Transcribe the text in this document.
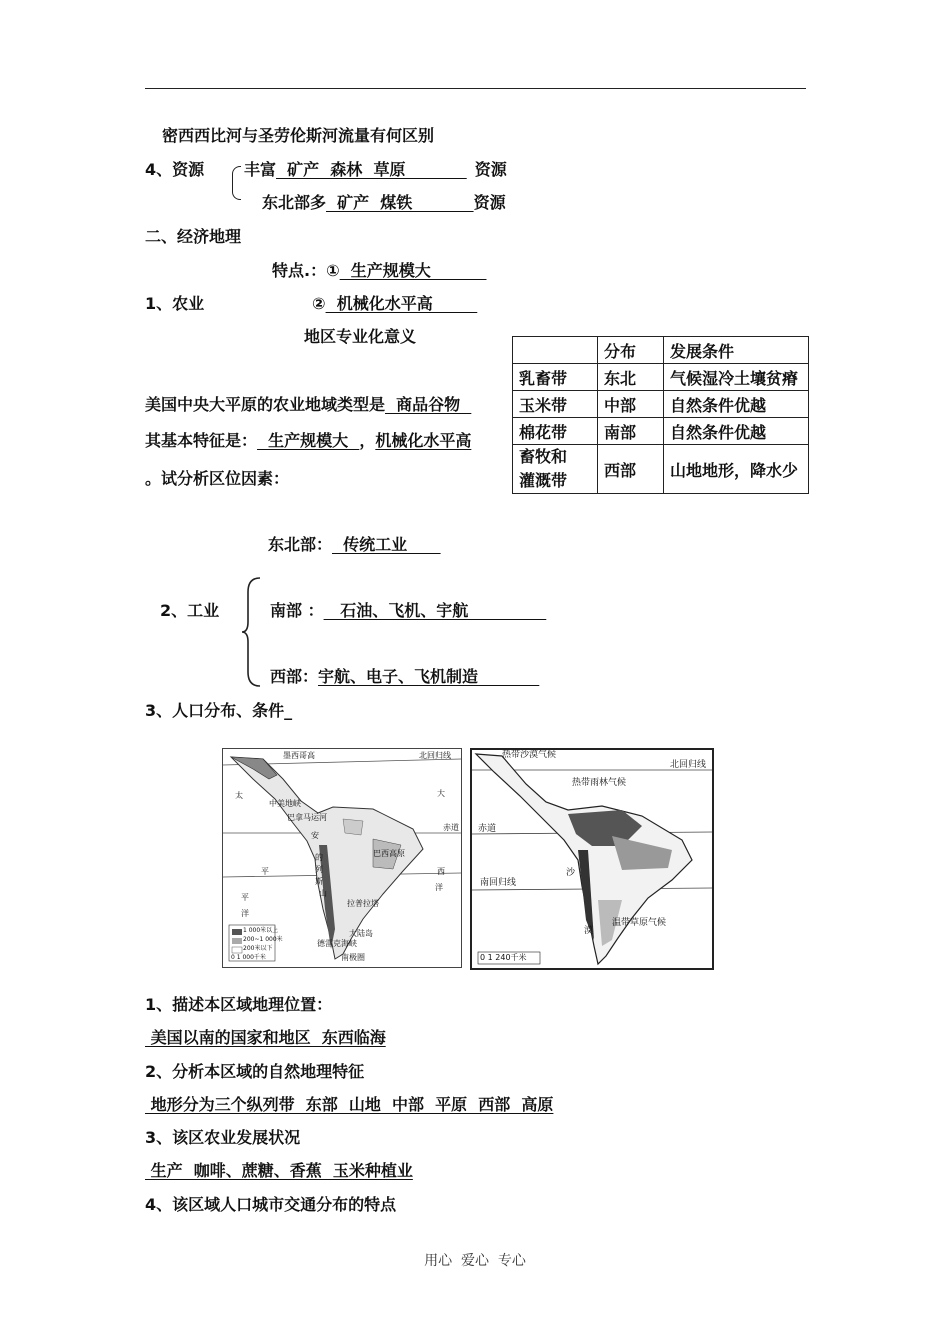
密西西比河与圣劳伦斯河流量有何区别
4、资源 丰富  矿产  森林  草原           资源
东北部多  矿产  煤铁           资源
二、经济地理
特点.：①  生产规模大
1、农业	②  机械化水平高
地区专业化意义
美国中央大平原的农业地域类型是  商品谷物
其基本特征是：  生产规模大  ，机械化水平高
。试分析区位因素：
	分布	发展条件
乳畜带	东北	气候湿冷土壤贫瘠
玉米带	中部	自然条件优越
棉花带	南部	自然条件优越
畜牧和
灌溉带	西部	山地地形，降水少
东北部：  传统工业
2、工业	南部 ：   石油、飞机、宇航
西部：宇航、电子、飞机制造
3、人口分布、条件_
墨西哥高	北回归线
太
中美地峡
巴拿马运河
大
赤道
安
的
平	列
斯
山
西
洋
巴西高原
平
洋
拉普拉塔
德雷克海峡
大陆岛
南极圈
1 000米以上
200~1 000米
200米以下
0 1 000千米
热带沙漠气候
北回归线
热带雨林气候
赤道
南回归线
温带草原气候
沙
漠
0 1 240千米
1、描述本区域地理位置：
美国以南的国家和地区  东西临海
2、分析本区域的自然地理特征
地形分为三个纵列带  东部  山地  中部  平原  西部  高原
3、该区农业发展状况
生产  咖啡、蔗糖、香蕉  玉米种植业
4、该区域人口城市交通分布的特点
用心  爱心  专心
